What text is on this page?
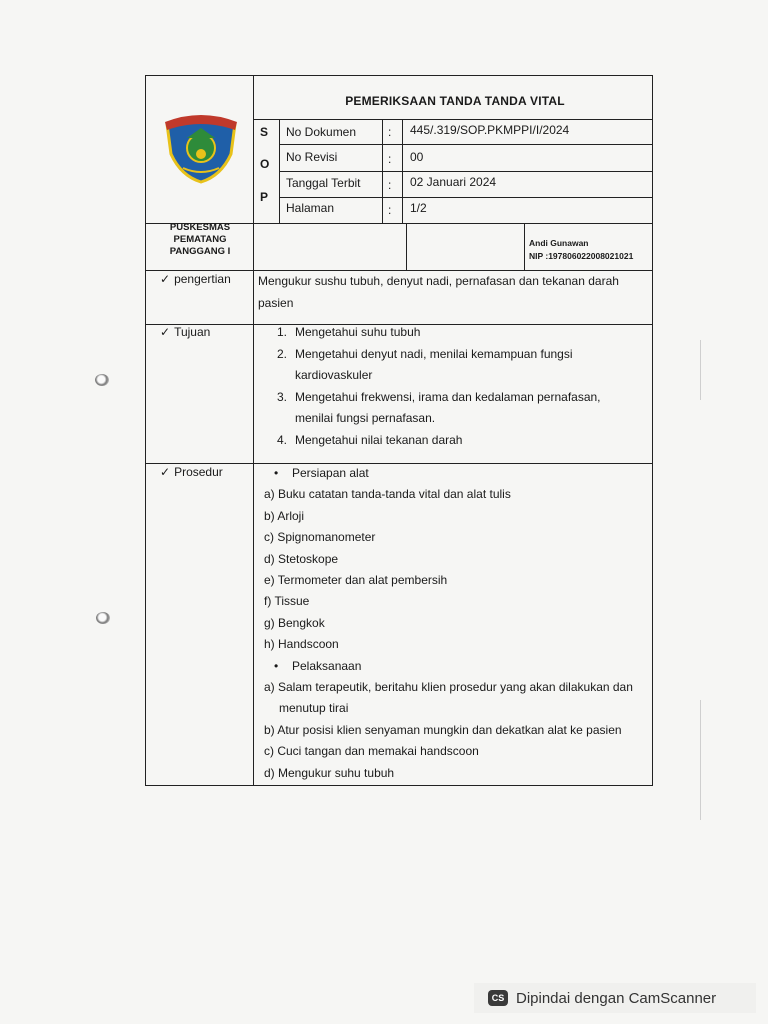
PEMERIKSAAN TANDA TANDA VITAL
S
O
P
No Dokumen	: 445/.319/SOP.PKMPPI/I/2024
No Revisi	: 00
Tanggal Terbit : 02 Januari 2024
Halaman	: 1/2
PUSKESMAS
PEMATANG
PANGGANG I
Andi Gunawan
NIP :197806022008021021
✓ pengertian Mengukur sushu tubuh, denyut nadi, pernafasan dan tekanan darah
pasien
✓ Tujuan	1. Mengetahui suhu tubuh
2. Mengetahui denyut nadi, menilai kemampuan fungsi
kardiovaskuler
3. Mengetahui frekwensi, irama dan kedalaman pernafasan,
menilai fungsi pernafasan.
4. Mengetahui nilai tekanan darah
✓ Prosedur
•	Persiapan alat
a) Buku catatan tanda-tanda vital dan alat tulis
b) Arloji
c) Spignomanometer
d) Stetoskope
e) Termometer dan alat pembersih
f) Tissue
g) Bengkok
h) Handscoon
• Pelaksanaan
a) Salam terapeutik, beritahu klien prosedur yang akan dilakukan dan
menutup tirai
b) Atur posisi klien senyaman mungkin dan dekatkan alat ke pasien
c) Cuci tangan dan memakai handscoon
d) Mengukur suhu tubuh
CS Dipindai dengan CamScanner
